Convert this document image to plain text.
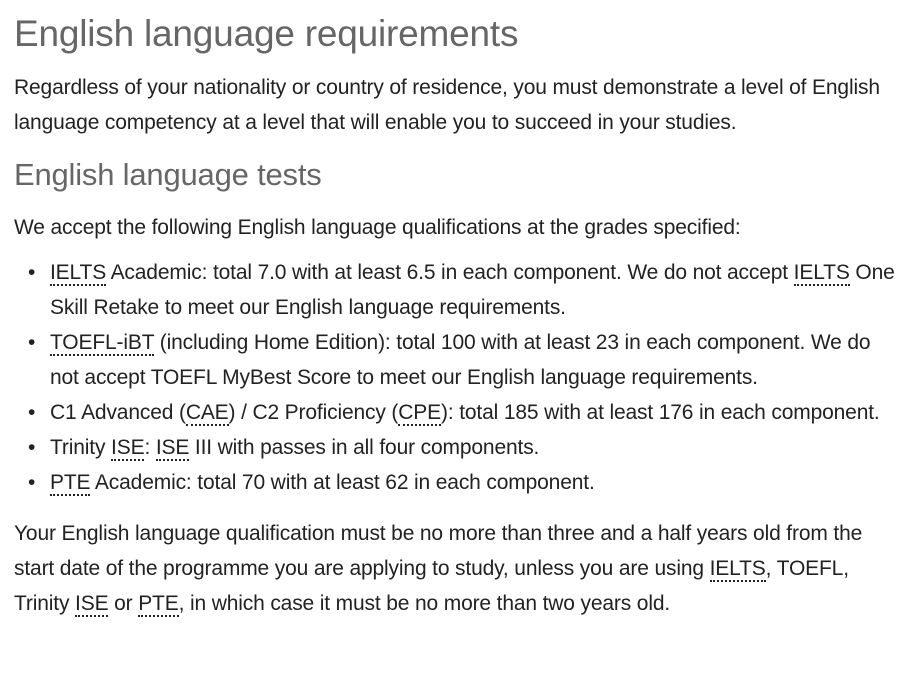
English language requirements

Regardless of your nationality or country of residence, you must demonstrate a level of English language competency at a level that will enable you to succeed in your studies.

English language tests

We accept the following English language qualifications at the grades specified:

• IELTS Academic: total 7.0 with at least 6.5 in each component. We do not accept IELTS One Skill Retake to meet our English language requirements.
• TOEFL-iBT (including Home Edition): total 100 with at least 23 in each component. We do not accept TOEFL MyBest Score to meet our English language requirements.
• C1 Advanced (CAE) / C2 Proficiency (CPE): total 185 with at least 176 in each component.
• Trinity ISE: ISE III with passes in all four components.
• PTE Academic: total 70 with at least 62 in each component.

Your English language qualification must be no more than three and a half years old from the start date of the programme you are applying to study, unless you are using IELTS, TOEFL, Trinity ISE or PTE, in which case it must be no more than two years old.
